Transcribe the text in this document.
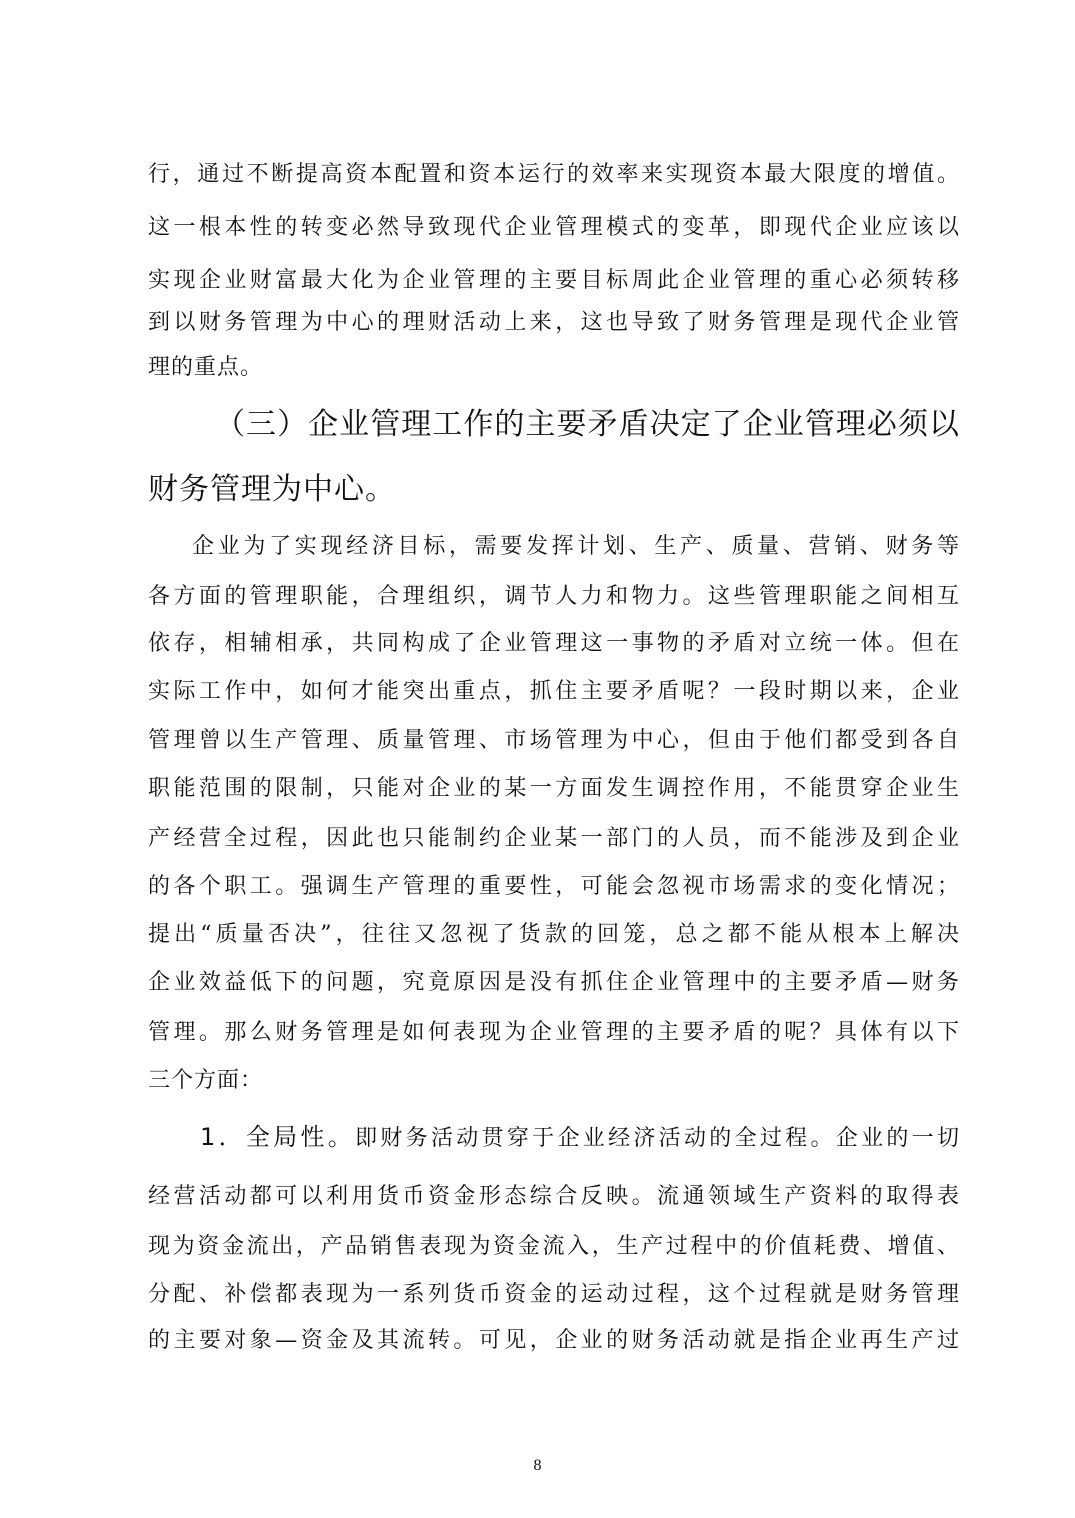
行，通过不断提高资本配置和资本运行的效率来实现资本最大限度的增值。
这一根本性的转变必然导致现代企业管理模式的变革，即现代企业应该以
实现企业财富最大化为企业管理的主要目标周此企业管理的重心必须转移
到以财务管理为中心的理财活动上来，这也导致了财务管理是现代企业管
理的重点。
（三）企业管理工作的主要矛盾决定了企业管理必须以
财务管理为中心。
企业为了实现经济目标，需要发挥计划、生产、质量、营销、财务等
各方面的管理职能，合理组织，调节人力和物力。这些管理职能之间相互
依存，相辅相承，共同构成了企业管理这一事物的矛盾对立统一体。但在
实际工作中，如何才能突出重点，抓住主要矛盾呢？一段时期以来，企业
管理曾以生产管理、质量管理、市场管理为中心，但由于他们都受到各自
职能范围的限制，只能对企业的某一方面发生调控作用，不能贯穿企业生
产经营全过程，因此也只能制约企业某一部门的人员，而不能涉及到企业
的各个职工。强调生产管理的重要性，可能会忽视市场需求的变化情况；
提出“质量否决”，往往又忽视了货款的回笼，总之都不能从根本上解决
企业效益低下的问题，究竟原因是没有抓住企业管理中的主要矛盾—财务
管理。那么财务管理是如何表现为企业管理的主要矛盾的呢？具体有以下
三个方面：
1．全局性。即财务活动贯穿于企业经济活动的全过程。企业的一切
经营活动都可以利用货币资金形态综合反映。流通领域生产资料的取得表
现为资金流出，产品销售表现为资金流入，生产过程中的价值耗费、增值、
分配、补偿都表现为一系列货币资金的运动过程，这个过程就是财务管理
的主要对象—资金及其流转。可见，企业的财务活动就是指企业再生产过
8
